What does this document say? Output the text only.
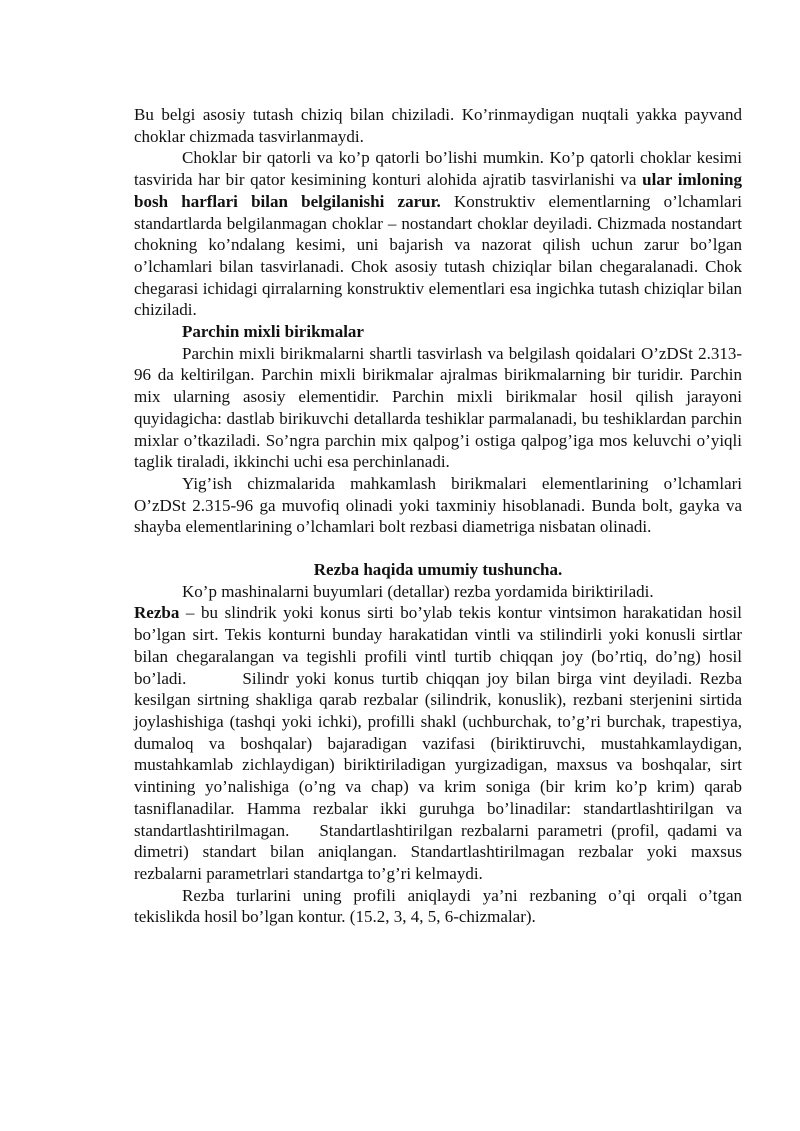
Bu belgi asosiy tutash chiziq bilan chiziladi. Ko’rinmaydigan nuqtali yakka payvand choklar chizmada tasvirlanmaydi.

Choklar bir qatorli va ko’p qatorli bo’lishi mumkin. Ko’p qatorli choklar kesimi tasvirida har bir qator kesimining konturi alohida ajratib tasvirlanishi va ular imloning bosh harflari bilan belgilanishi zarur. Konstruktiv elementlarning o’lchamlari standartlarda belgilanmagan choklar – nostandart choklar deyiladi. Chizmada nostandart chokning ko’ndalang kesimi, uni bajarish va nazorat qilish uchun zarur bo’lgan o’lchamlari bilan tasvirlanadi. Chok asosiy tutash chiziqlar bilan chegaralanadi. Chok chegarasi ichidagi qirralarning konstruktiv elementlari esa ingichka tutash chiziqlar bilan chiziladi.

Parchin mixli birikmalar

Parchin mixli birikmalarni shartli tasvirlash va belgilash qoidalari O’zDSt 2.313-96 da keltirilgan. Parchin mixli birikmalar ajralmas birikmalarning bir turidir. Parchin mix ularning asosiy elementidir. Parchin mixli birikmalar hosil qilish jarayoni quyidagicha: dastlab birikuvchi detallarda teshiklar parmalanadi, bu teshiklardan parchin mixlar o’tkaziladi. So’ngra parchin mix qalpog’i ostiga qalpog’iga mos keluvchi o’yiqli taglik tiraladi, ikkinchi uchi esa perchinlanadi.

Yig’ish chizmalarida mahkamlash birikmalari elementlarining o’lchamlari O’zDSt 2.315-96 ga muvofiq olinadi yoki taxminiy hisoblanadi. Bunda bolt, gayka va shayba elementlarining o’lchamlari bolt rezbasi diametriga nisbatan olinadi.

Rezba haqida umumiy tushuncha.

Ko’p mashinalarni buyumlari (detallar) rezba yordamida biriktiriladi.

Rezba – bu slindrik yoki konus sirti bo’ylab tekis kontur vintsimon harakatidan hosil bo’lgan sirt. Tekis konturni bunday harakatidan vintli va stilindirli yoki konusli sirtlar bilan chegaralangan va tegishli profili vintl turtib chiqqan joy (bo’rtiq, do’ng) hosil bo’ladi.	Silindr yoki konus turtib chiqqan joy bilan birga vint deyiladi. Rezba kesilgan sirtning shakliga qarab rezbalar (silindrik, konuslik), rezbani sterjenini sirtida joylashishiga (tashqi yoki ichki), profilli shakl (uchburchak, to’g’ri burchak, trapestiya, dumaloq va boshqalar) bajaradigan vazifasi (biriktiruvchi, mustahkamlaydigan, mustahkamlab zichlaydigan) biriktiriladigan yurgizadigan, maxsus va boshqalar, sirt vintining yo’nalishiga (o’ng va chap) va krim soniga (bir krim ko’p krim) qarab tasniflanadilar. Hamma rezbalar ikki guruhga bo’linadilar: standartlashtirilgan va standartlashtirilmagan. Standartlashtirilgan rezbalarni parametri (profil, qadami va dimetri) standart bilan aniqlangan. Standartlashtirilmagan rezbalar yoki maxsus rezbalarni parametrlari standartga to’g’ri kelmaydi.

Rezba turlarini uning profili aniqlaydi ya’ni rezbaning o’qi orqali o’tgan tekislikda hosil bo’lgan kontur. (15.2, 3, 4, 5, 6-chizmalar).
